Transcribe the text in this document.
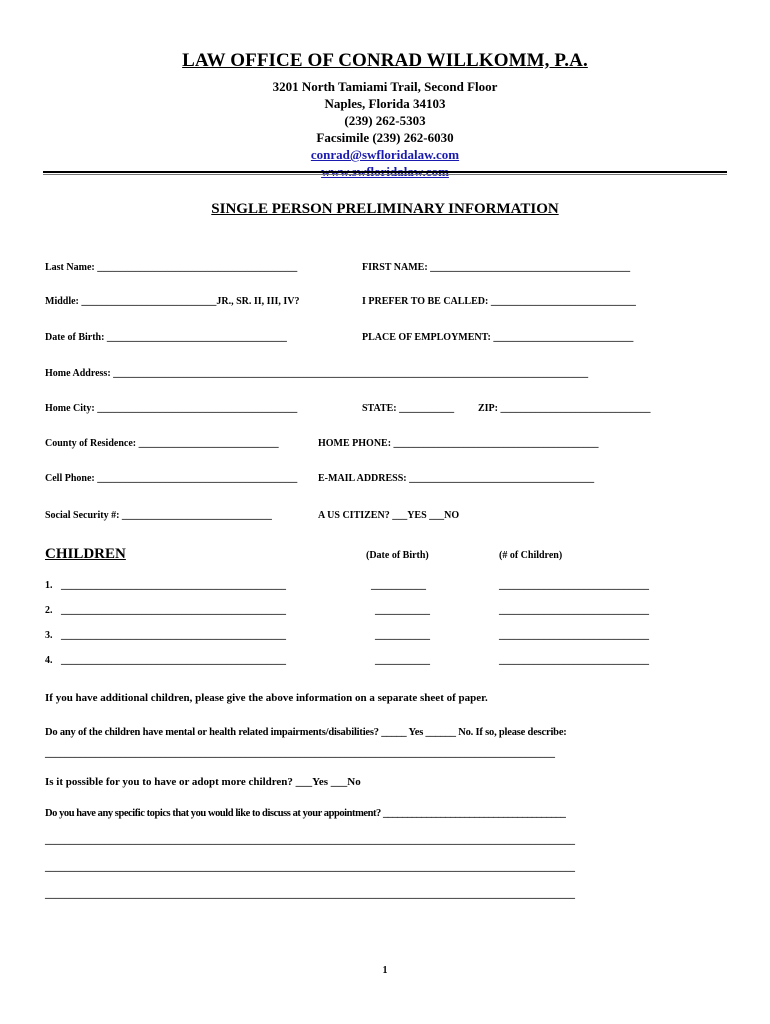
LAW OFFICE OF CONRAD WILLKOMM, P.A.
3201 North Tamiami Trail, Second Floor
Naples, Florida 34103
(239) 262-5303
Facsimile (239) 262-6030
conrad@swfloridalaw.com
www.swfloridalaw.com
SINGLE PERSON PRELIMINARY INFORMATION
Last Name: ________________________________________	FIRST NAME: ________________________________________
Middle: ___________________________JR., SR. II, III, IV?	I PREFER TO BE CALLED: _____________________________
Date of Birth: ____________________________________	PLACE OF EMPLOYMENT: ____________________________
Home Address: _______________________________________________________________________________________________
Home City: ________________________________________	STATE: ___________ ZIP: ______________________________
County of Residence: ____________________________	HOME PHONE: _________________________________________
Cell Phone: ________________________________________ E-MAIL ADDRESS: _____________________________________
Social Security #: ______________________________	A US CITIZEN? ___YES ___NO
CHILDREN	(Date of Birth)	(# of Children)
1. _____________________________________________	___________	______________________________
2. _____________________________________________	___________	______________________________
3. _____________________________________________	___________	______________________________
4. _____________________________________________	___________	______________________________
If you have additional children, please give the above information on a separate sheet of paper.
Do any of the children have mental or health related impairments/disabilities? _____ Yes ______ No. If so, please describe:
______________________________________________________________________________________________________
Is it possible for you to have or adopt more children? ___Yes ___No
Do you have any specific topics that you would like to discuss at your appointment? ______________________________________
__________________________________________________________________________________________________________
__________________________________________________________________________________________________________
__________________________________________________________________________________________________________
1
